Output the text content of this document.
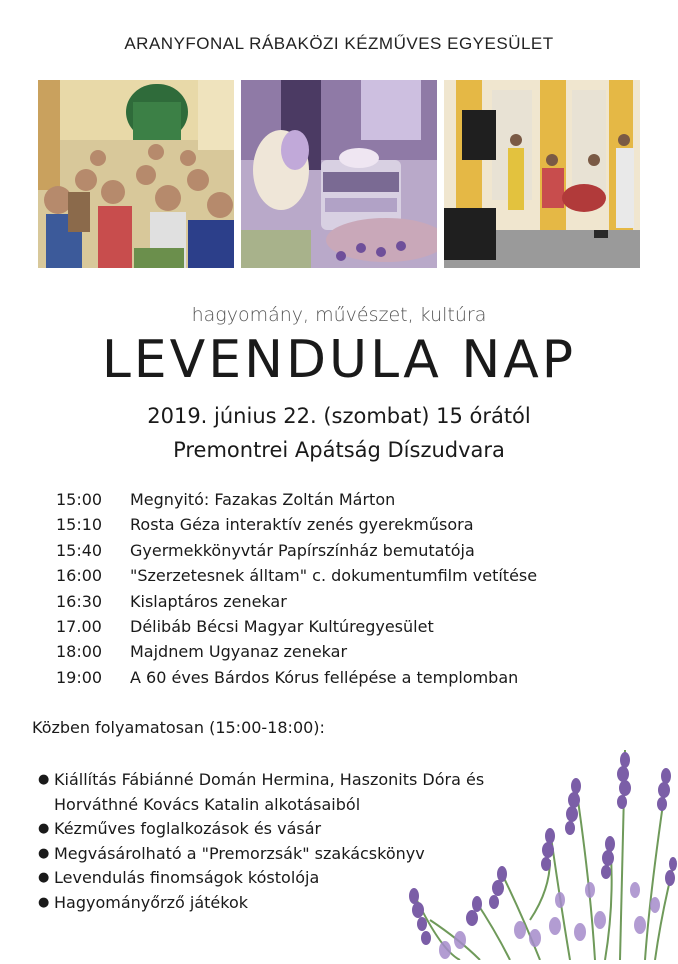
ARANYFONAL RÁBAKÖZI KÉZMŰVES EGYESÜLET
hagyomány, művészet, kultúra
LEVENDULA NAP
2019. június 22. (szombat) 15 órától
Premontrei Apátság Díszudvara
15:00 Megnyitó: Fazakas Zoltán Márton
15:10 Rosta Géza interaktív zenés gyerekműsora
15:40 Gyermekkönyvtár Papírszínház bemutatója
16:00 "Szerzetesnek álltam" c. dokumentumfilm vetítése
16:30 Kislaptáros zenekar
17.00 Délibáb Bécsi Magyar Kultúregyesület
18:00 Majdnem Ugyanaz zenekar
19:00 A 60 éves Bárdos Kórus fellépése a templomban
Közben folyamatosan (15:00-18:00):
● Kiállítás Fábiánné Domán Hermina, Haszonits Dóra és
Horváthné Kovács Katalin alkotásaiból
● Kézműves foglalkozások és vásár
● Megvásárolható a "Premorzsák" szakácskönyv
● Levendulás finomságok kóstolója
● Hagyományőrző játékok
